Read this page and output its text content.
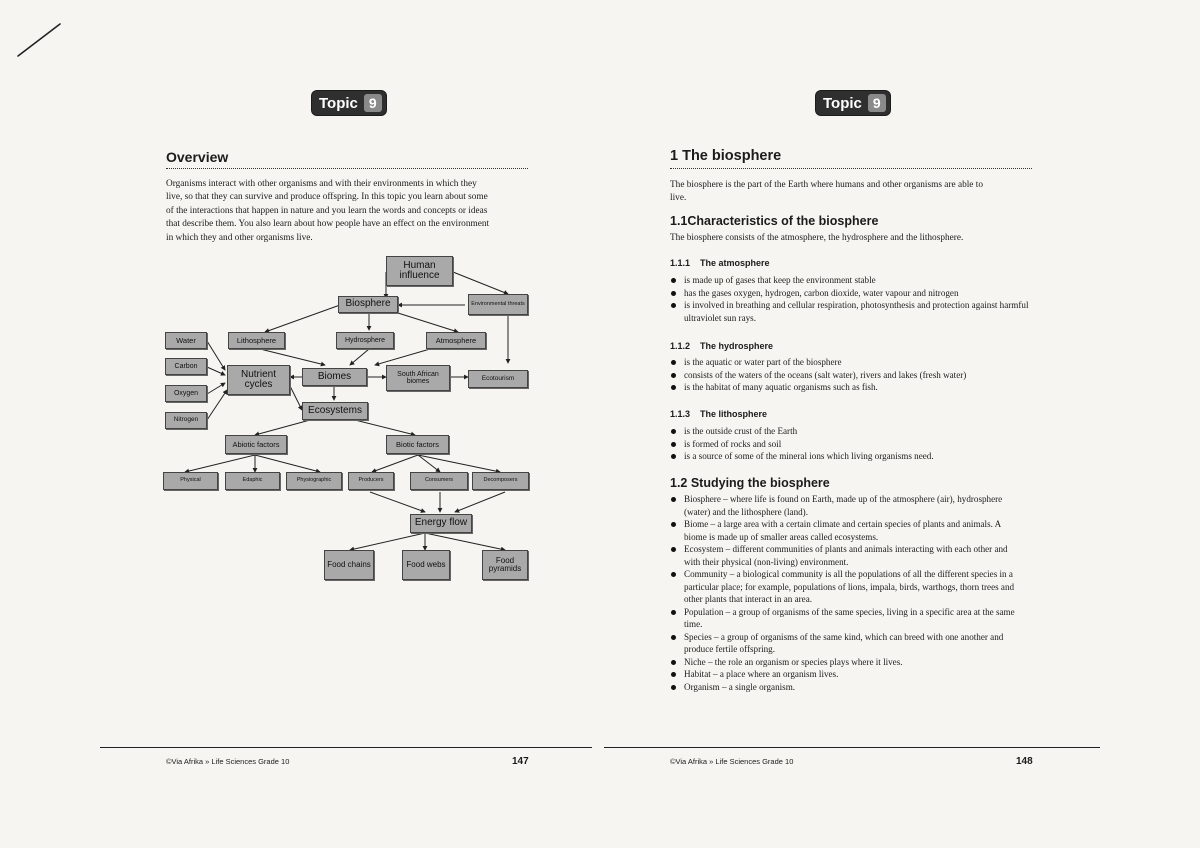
Topic 9
Overview
Organisms interact with other organisms and with their environments in which they
live, so that they can survive and produce offspring. In this topic you learn about some
of the interactions that happen in nature and you learn the words and concepts or ideas
that describe them. You also learn about how people have an effect on the environment
in which they and other organisms live.
Human influence
Biosphere	Environmental threats
Lithosphere	Hydrosphere	Atmosphere
Water
Carbon
Oxygen
Nitrogen
Nutrient cycles
Biomes	South African biomes	Ecotourism
Ecosystems
Abiotic factors	Biotic factors
Physical	Edaphic	Physiographic	Producers	Consumers	Decomposers
Energy flow
Food chains	Food webs	Food pyramids
©Via Afrika » Life Sciences Grade 10	147
Topic 9
1 The biosphere
The biosphere is the part of the Earth where humans and other organisms are able to
live.
1.1Characteristics of the biosphere
The biosphere consists of the atmosphere, the hydrosphere and the lithosphere.
1.1.1 The atmosphere
is made up of gases that keep the environment stable
has the gases oxygen, hydrogen, carbon dioxide, water vapour and nitrogen
is involved in breathing and cellular respiration, photosynthesis and protection against harmful ultraviolet sun rays.
1.1.2 The hydrosphere
is the aquatic or water part of the biosphere
consists of the waters of the oceans (salt water), rivers and lakes (fresh water)
is the habitat of many aquatic organisms such as fish.
1.1.3 The lithosphere
is the outside crust of the Earth
is formed of rocks and soil
is a source of some of the mineral ions which living organisms need.
1.2 Studying the biosphere
Biosphere – where life is found on Earth, made up of the atmosphere (air), hydrosphere (water) and the lithosphere (land).
Biome – a large area with a certain climate and certain species of plants and animals. A biome is made up of smaller areas called ecosystems.
Ecosystem – different communities of plants and animals interacting with each other and with their physical (non-living) environment.
Community – a biological community is all the populations of all the different species in a particular place; for example, populations of lions, impala, birds, warthogs, thorn trees and other plants that interact in an area.
Population – a group of organisms of the same species, living in a specific area at the same time.
Species – a group of organisms of the same kind, which can breed with one another and produce fertile offspring.
Niche – the role an organism or species plays where it lives.
Habitat – a place where an organism lives.
Organism – a single organism.
©Via Afrika » Life Sciences Grade 10	148
